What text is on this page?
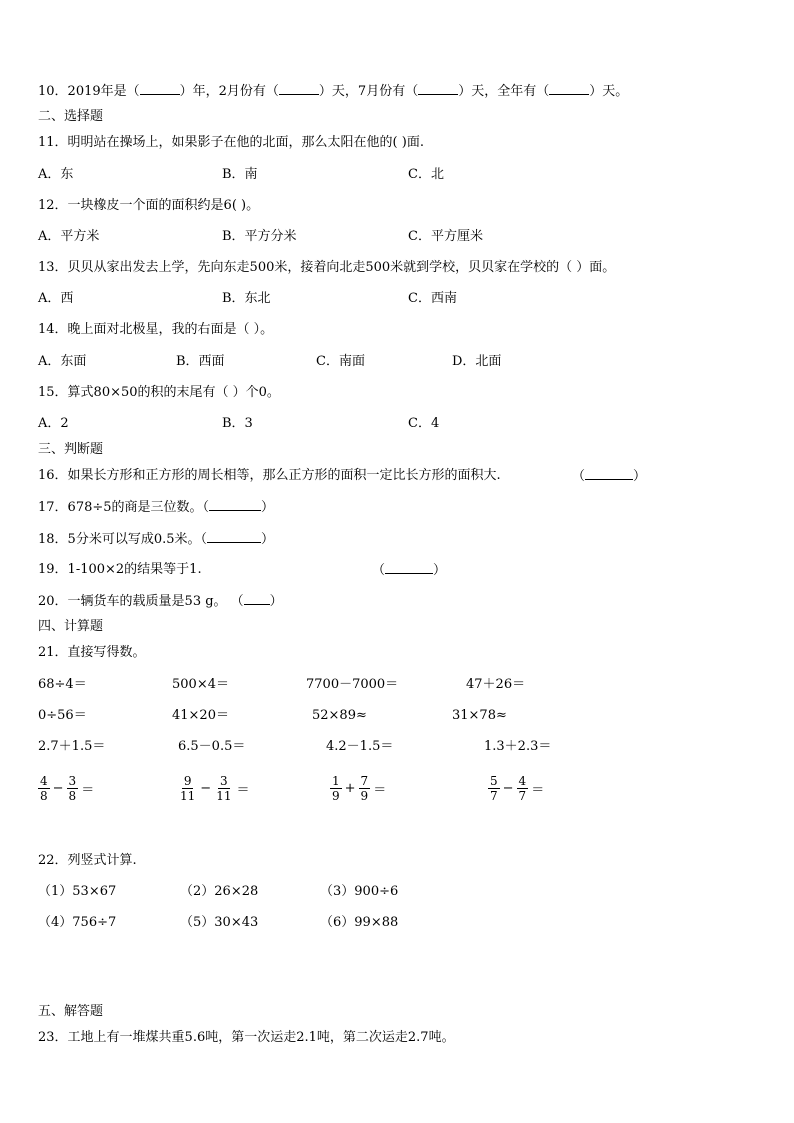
10．2019年是（	）年，2月份有（	）天，7月份有（	）天，全年有（	）天。
二、选择题
11．明明站在操场上，如果影子在他的北面，那么太阳在他的( )面.
A．东	B．南	C．北
12．一块橡皮一个面的面积约是6( )。
A．平方米	B．平方分米	C．平方厘米
13．贝贝从家出发去上学，先向东走500米，接着向北走500米就到学校，贝贝家在学校的（ ）面。
A．西	B．东北	C．西南
14．晚上面对北极星，我的右面是（ ）。
A．东面	B．西面	C．南面	D．北面
15．算式80×50的积的末尾有（ ）个0。
A．2	B．3	C．4
三、判断题
16．如果长方形和正方形的周长相等，那么正方形的面积一定比长方形的面积大.	（	）
17．678÷5的商是三位数。（	）
18．5分米可以写成0.5米。（	）
19．1-100×2的结果等于1.	（	）
20．一辆货车的载质量是53 g。 （ ）
四、计算题
21．直接写得数。
68÷4＝	500×4＝	7700－7000＝	47＋26＝
0÷56＝	41×20＝	52×89≈	31×78≈
2.7＋1.5＝	6.5－0.5＝	4.2－1.5＝	1.3＋2.3＝
$\frac{4}{8} - \frac{3}{8}$ ＝	$\frac{9}{11} - \frac{3}{11}$ ＝	$\frac{1}{9} + \frac{7}{9}$ ＝	$\frac{5}{7} - \frac{4}{7}$ ＝
22．列竖式计算.
（1）53×67	（2）26×28	（3）900÷6
（4）756÷7	（5）30×43	（6）99×88
五、解答题
23．工地上有一堆煤共重5.6吨，第一次运走2.1吨，第二次运走2.7吨。
